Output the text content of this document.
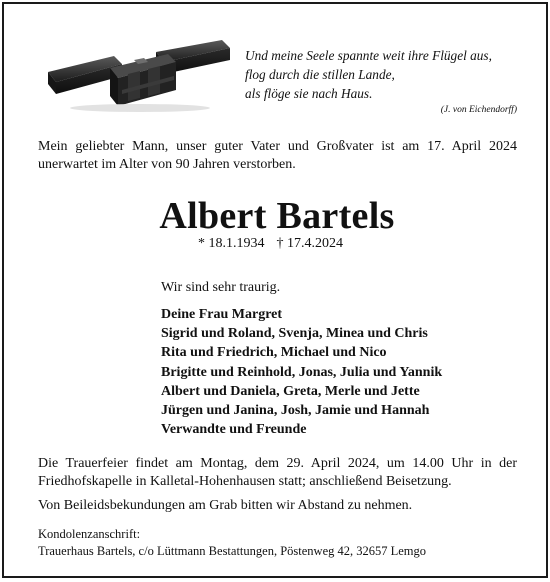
Und meine Seele spannte weit ihre Flügel aus,
flog durch die stillen Lande,
als flöge sie nach Haus.
(J. von Eichendorff)
Mein geliebter Mann, unser guter Vater und Großvater ist am 17. April 2024
unerwartet im Alter von 90 Jahren verstorben.
Albert Bartels
* 18.1.1934 † 17.4.2024
Wir sind sehr traurig.
Deine Frau Margret
Sigrid und Roland, Svenja, Minea und Chris
Rita und Friedrich, Michael und Nico
Brigitte und Reinhold, Jonas, Julia und Yannik
Albert und Daniela, Greta, Merle und Jette
Jürgen und Janina, Josh, Jamie und Hannah
Verwandte und Freunde
Die Trauerfeier findet am Montag, dem 29. April 2024, um 14.00 Uhr in der
Friedhofskapelle in Kalletal-Hohenhausen statt; anschließend Beisetzung.
Von Beileidsbekundungen am Grab bitten wir Abstand zu nehmen.
Kondolenzanschrift:
Trauerhaus Bartels, c/o Lüttmann Bestattungen, Pöstenweg 42, 32657 Lemgo
